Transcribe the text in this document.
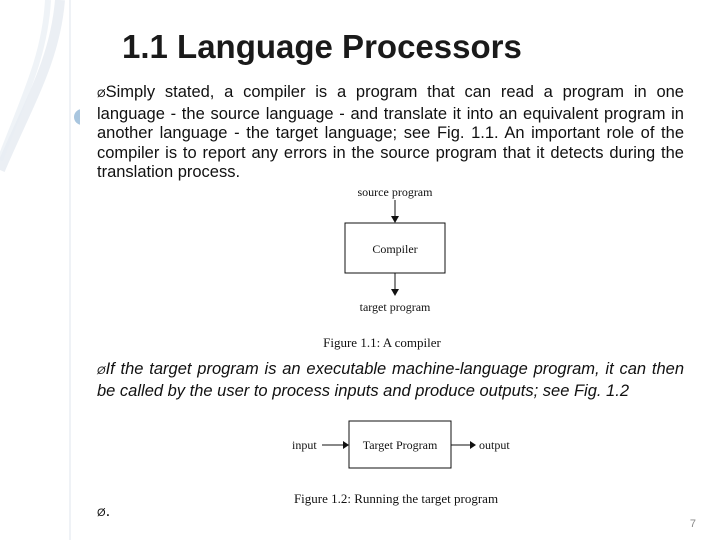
1.1 Language Processors
ØSimply stated, a compiler is a program that can read a program in one language - the source language - and translate it into an equivalent program in another language - the target language; see Fig. 1.1. An important role of the compiler is to report any errors in the source program that it detects during the translation process.
source program
Compiler
target program
Figure 1.1: A compiler
ØIf the target program is an executable machine-language program, it can then be called by the user to process inputs and produce outputs; see Fig. 1.2
input	Target Program	output
Figure 1.2: Running the target program
Ø.
7
